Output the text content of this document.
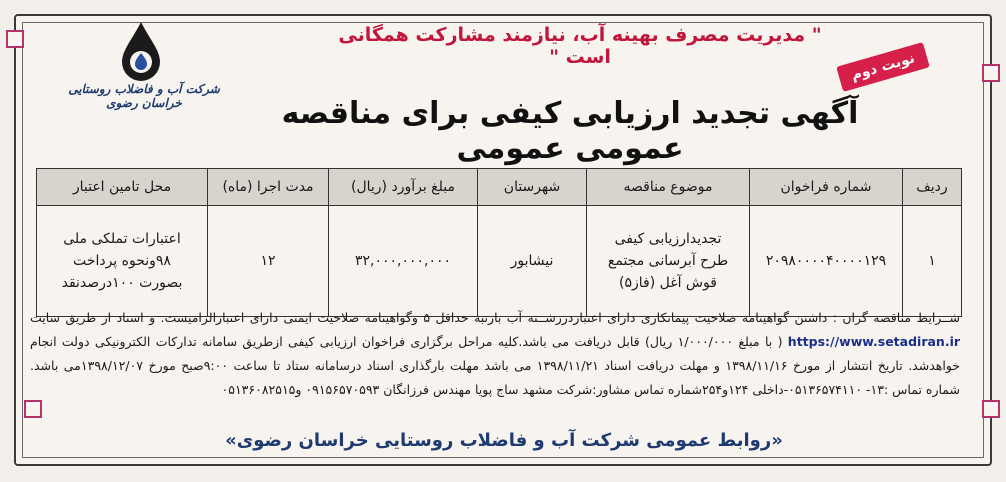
شرکت آب و فاضلاب روستایی خراسان رضوی
" مدیریت مصرف بهینه آب، نیازمند مشارکت همگانی است "	نوبت دوم
آگهی تجدید ارزیابی کیفی برای مناقصه عمومی عمومی
ردیف	شماره فراخوان	موضوع مناقصه	شهرستان	مبلغ برآورد (ریال)	مدت اجرا (ماه)	محل تامین اعتبار
۱	۲۰۹۸۰۰۰۰۴۰۰۰۰۱۲۹	تجدیدارزیابی کیفی
طرح آبرسانی مجتمع
قوش آغل (فاز۵)	نیشابور	۳۲,۰۰۰,۰۰۰,۰۰۰	۱۲	اعتبارات تملکی ملی
۹۸ونحوه پرداخت
بصورت ۱۰۰درصدنقد
شــرایط مناقصه گران : داشتن گواهینامه صلاحیت پیمانکاری دارای اعتباردررشــته آب بارتبه حداقل ۵ وگواهینامه صلاحیت ایمنی دارای اعتبارالزامیست. و اسناد از طریق سایت https://www.setadiran.ir ( با مبلغ ۱/۰۰۰/۰۰۰ ریال) قابل دریافت می باشد.کلیه مراحل برگزاری فراخوان ارزیابی کیفی ازطریق سامانه تدارکات الکترونیکی دولت انجام خواهدشد. تاریخ انتشار از مورخ ۱۳۹۸/۱۱/۱۶ و مهلت دریافت اسناد ۱۳۹۸/۱۱/۲۱ می باشد مهلت بارگذاری اسناد درسامانه ستاد تا ساعت ۹:۰۰صبح مورخ ۱۳۹۸/۱۲/۰۷می باشد. شماره تماس :۱۳- ۰۵۱۳۶۵۷۴۱۱۰-داخلی ۱۲۴و۲۵۴شماره تماس مشاور:شرکت مشهد ساج پویا مهندس فرزانگان ۰۹۱۵۶۵۷۰۵۹۳ و۰۵۱۳۶۰۸۲۵۱۵
«روابط عمومی شرکت آب و فاضلاب روستایی خراسان رضوی»
